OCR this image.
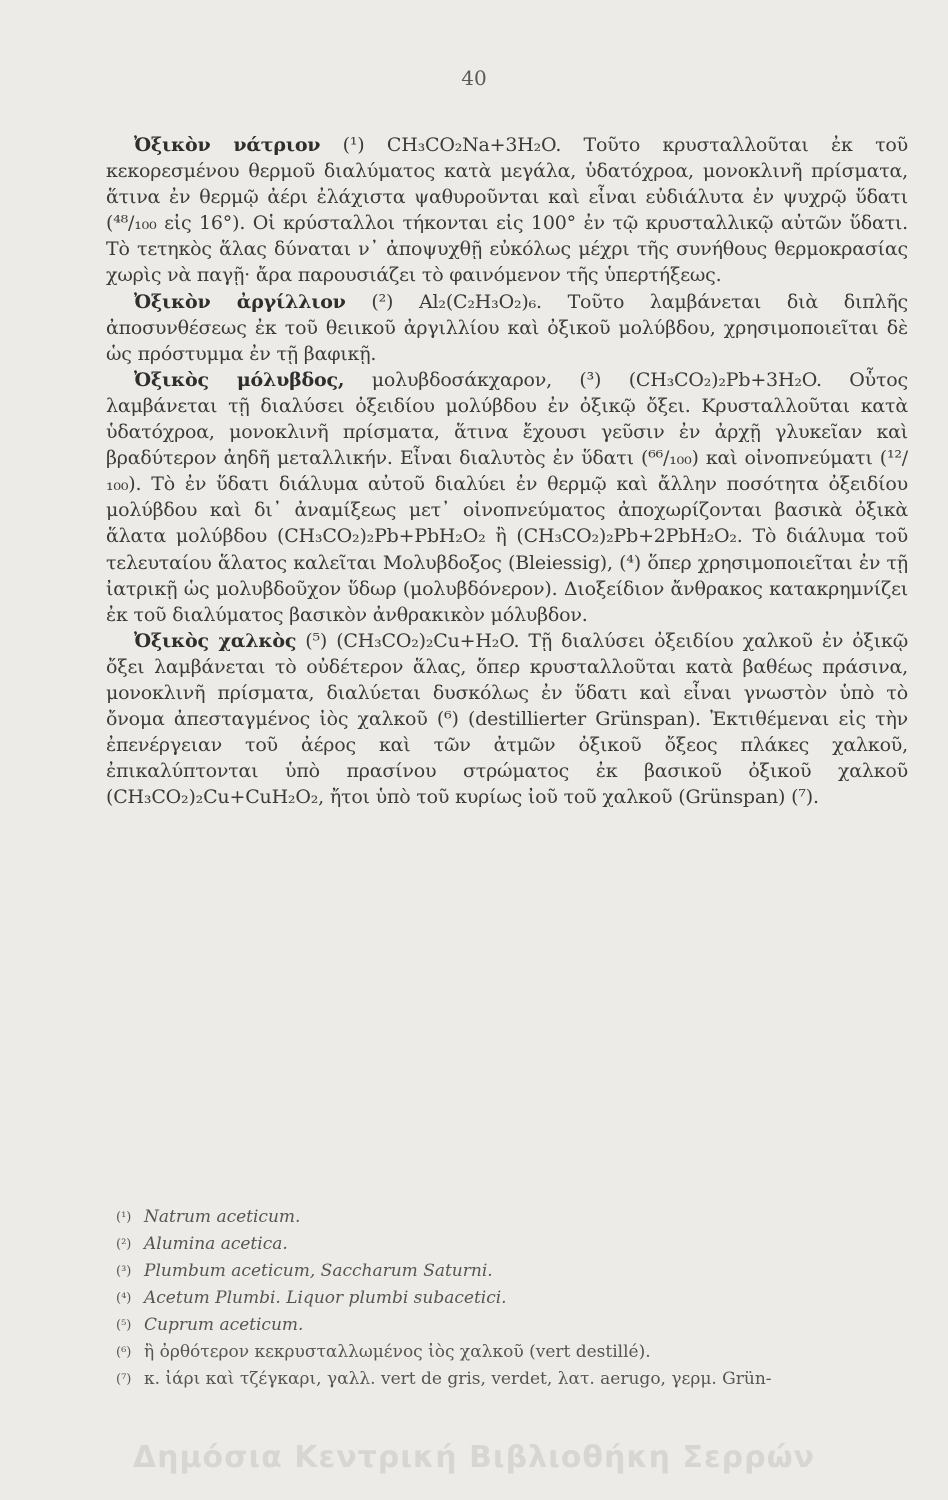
40

Ὀξικὸν νάτριον (¹) CH₃CO₂Na+3H₂O. Τοῦτο κρυσταλλοῦται ἐκ τοῦ κεκορεσμένου θερμοῦ διαλύματος κατὰ μεγάλα, ὑδατόχροα, μονοκλινῆ πρίσματα, ἅτινα ἐν θερμῷ ἀέρι ἐλάχιστα ψαθυροῦνται καὶ εἶναι εὐδιάλυτα ἐν ψυχρῷ ὕδατι (⁴⁸/₁₀₀ εἰς 16°). Οἱ κρύσταλλοι τήκονται εἰς 100° ἐν τῷ κρυσταλλικῷ αὐτῶν ὕδατι. Τὸ τετηκὸς ἅλας δύναται ν᾽ ἀποψυχθῇ εὐκόλως μέχρι τῆς συνήθους θερμοκρασίας χωρὶς νὰ παγῇ· ἄρα παρουσιάζει τὸ φαινόμενον τῆς ὑπερτήξεως.

Ὀξικὸν ἀργίλλιον (²) Al₂(C₂H₃O₂)₆. Τοῦτο λαμβάνεται διὰ διπλῆς ἀποσυνθέσεως ἐκ τοῦ θειικοῦ ἀργιλλίου καὶ ὀξικοῦ μολύβδου, χρησιμοποιεῖται δὲ ὡς πρόστυμμα ἐν τῇ βαφικῇ.

Ὀξικὸς μόλυβδος, μολυβδοσάκχαρον, (³) (CH₃CO₂)₂Pb+3H₂O. Οὗτος λαμβάνεται τῇ διαλύσει ὀξειδίου μολύβδου ἐν ὀξικῷ ὄξει. Κρυσταλλοῦται κατὰ ὑδατόχροα, μονοκλινῆ πρίσματα, ἅτινα ἔχουσι γεῦσιν ἐν ἀρχῇ γλυκεῖαν καὶ βραδύτερον ἀηδῆ μεταλλικήν. Εἶναι διαλυτὸς ἐν ὕδατι (⁶⁶/₁₀₀) καὶ οἰνοπνεύματι (¹²/₁₀₀). Τὸ ἐν ὕδατι διάλυμα αὐτοῦ διαλύει ἐν θερμῷ καὶ ἄλλην ποσότητα ὀξειδίου μολύβδου καὶ δι᾽ ἀναμίξεως μετ᾽ οἰνοπνεύματος ἀποχωρίζονται βασικὰ ὀξικὰ ἅλατα μολύβδου (CH₃CO₂)₂Pb+PbH₂O₂ ἢ (CH₃CO₂)₂Pb+2PbH₂O₂. Τὸ διάλυμα τοῦ τελευταίου ἅλατος καλεῖται Μολυβδοξος (Bleiessig), (⁴) ὅπερ χρησιμοποιεῖται ἐν τῇ ἰατρικῇ ὡς μολυβδοῦχον ὕδωρ (μολυβδόνερον). Διοξείδιον ἄνθρακος κατακρημνίζει ἐκ τοῦ διαλύματος βασικὸν ἀνθρακικὸν μόλυβδον.

Ὀξικὸς χαλκὸς (⁵) (CH₃CO₂)₂Cu+H₂O. Τῇ διαλύσει ὀξειδίου χαλκοῦ ἐν ὀξικῷ ὄξει λαμβάνεται τὸ οὐδέτερον ἅλας, ὅπερ κρυσταλλοῦται κατὰ βαθέως πράσινα, μονοκλινῆ πρίσματα, διαλύεται δυσκόλως ἐν ὕδατι καὶ εἶναι γνωστὸν ὑπὸ τὸ ὄνομα ἀπεσταγμένος ἰὸς χαλκοῦ (⁶) (destillierter Grünspan). Ἐκτιθέμεναι εἰς τὴν ἐπενέργειαν τοῦ ἀέρος καὶ τῶν ἀτμῶν ὀξικοῦ ὄξεος πλάκες χαλκοῦ, ἐπικαλύπτονται ὑπὸ πρασίνου στρώματος ἐκ βασικοῦ ὀξικοῦ χαλκοῦ (CH₃CO₂)₂Cu+CuH₂O₂, ἤτοι ὑπὸ τοῦ κυρίως ἰοῦ τοῦ χαλκοῦ (Grünspan) (⁷).

(¹) Natrum aceticum.

(²) Alumina acetica.

(³) Plumbum aceticum, Saccharum Saturni.

(⁴) Acetum Plumbi. Liquor plumbi subacetici.

(⁵) Cuprum aceticum.

(⁶) ἢ ὀρθότερον κεκρυσταλλωμένος ἰὸς χαλκοῦ (vert destillé).

(⁷) κ. ἰάρι καὶ τζέγκαρι, γαλλ. vert de gris, verdet, λατ. aerugo, γερμ. Grün-

Δημόσια Κεντρική Βιβλιοθήκη Σερρών
